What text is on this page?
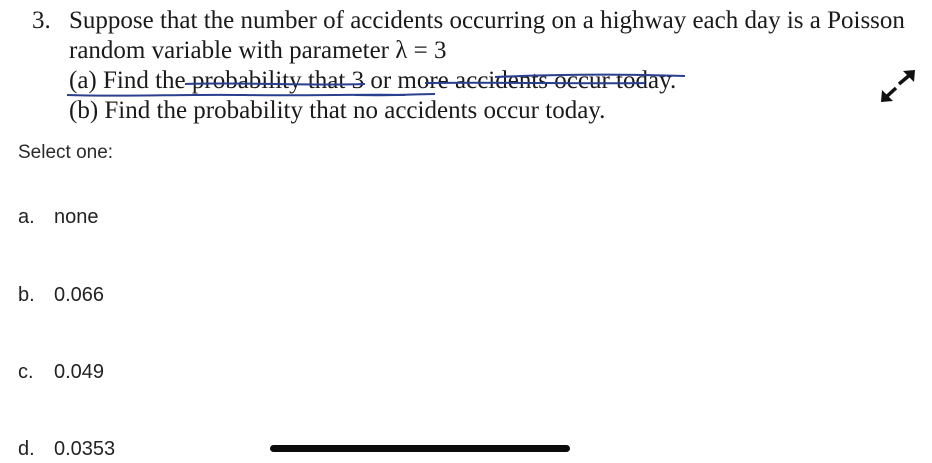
3. Suppose that the number of accidents occurring on a highway each day is a Poisson
random variable with parameter λ = 3
(a) Find the probability that 3 or more accidents occur today.
(b) Find the probability that no accidents occur today.
Select one:
a. none
b. 0.066
c.	0.049
d. 0.0353
